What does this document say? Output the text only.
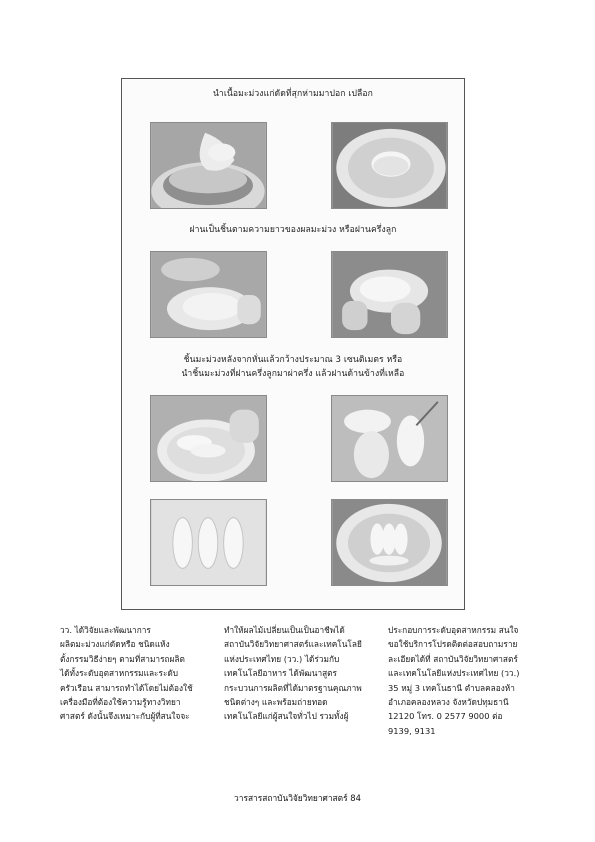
นำเนื้อมะม่วงแก่ดัดที่สุกห่ามมาปอก เปลือก
ฝานเป็นชิ้นตามความยาวของผลมะม่วง หรือฝานครึ่งลูก
ชิ้นมะม่วงหลังจากหั่นแล้วกว้างประมาณ 3 เซนติเมตร หรือ
นำชิ้นมะม่วงที่ฝานครึ่งลูกมาผ่าครึ่ง แล้วฝานด้านข้างที่เหลือ
วว. ได้วิจัยและพัฒนาการ
ผลิตมะม่วงแก่ดัดหรือ ชนิดแห้ง
ตั้งกรรมวิธีง่ายๆ ตามที่สามารถผลิต
ได้ทั้งระดับอุตสาหกรรมและระดับ
ครัวเรือน สามารถทำได้โดยไม่ต้องใช้
เครื่องมือที่ต้องใช้ความรู้ทางวิทยา
ศาสตร์ ดังนั้นจึงเหมาะกับผู้ที่สนใจจะ
ทำให้ผลไม้เปลี่ยนเป็นเป็นอาชีพได้
สถาบันวิจัยวิทยาศาสตร์และเทคโนโลยี
แห่งประเทศไทย (วว.) ได้ร่วมกับ
เทคโนโลยีอาหาร ได้พัฒนาสูตร
กระบวนการผลิตที่ได้มาตรฐานคุณภาพ
ชนิดต่างๆ และพร้อมถ่ายทอด
เทคโนโลยีแก่ผู้สนใจทั่วไป รวมทั้งผู้
ประกอบการระดับอุตสาหกรรม สนใจ
ขอใช้บริการโปรดติดต่อสอบถามราย
ละเอียดได้ที่ สถาบันวิจัยวิทยาศาสตร์
และเทคโนโลยีแห่งประเทศไทย (วว.)
35 หมู่ 3 เทคโนธานี ตำบลคลองห้า
อำเภอคลองหลวง จังหวัดปทุมธานี
12120 โทร. 0 2577 9000 ต่อ
9139, 9131
วารสารสถาบันวิจัยวิทยาศาสตร์ 84
